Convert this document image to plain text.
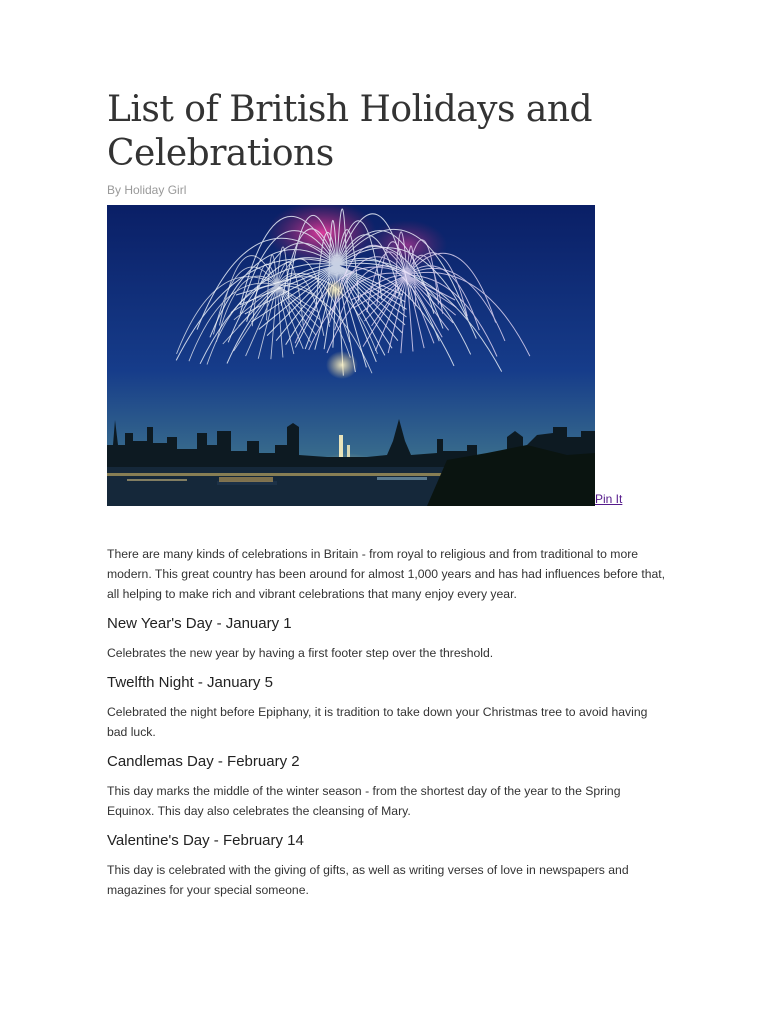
List of British Holidays and Celebrations
By Holiday Girl
Pin It

There are many kinds of celebrations in Britain - from royal to religious and from traditional to more modern. This great country has been around for almost 1,000 years and has had influences before that, all helping to make rich and vibrant celebrations that many enjoy every year.

New Year's Day - January 1

Celebrates the new year by having a first footer step over the threshold.

Twelfth Night - January 5

Celebrated the night before Epiphany, it is tradition to take down your Christmas tree to avoid having bad luck.

Candlemas Day - February 2

This day marks the middle of the winter season - from the shortest day of the year to the Spring Equinox. This day also celebrates the cleansing of Mary.

Valentine's Day - February 14

This day is celebrated with the giving of gifts, as well as writing verses of love in newspapers and magazines for your special someone.
